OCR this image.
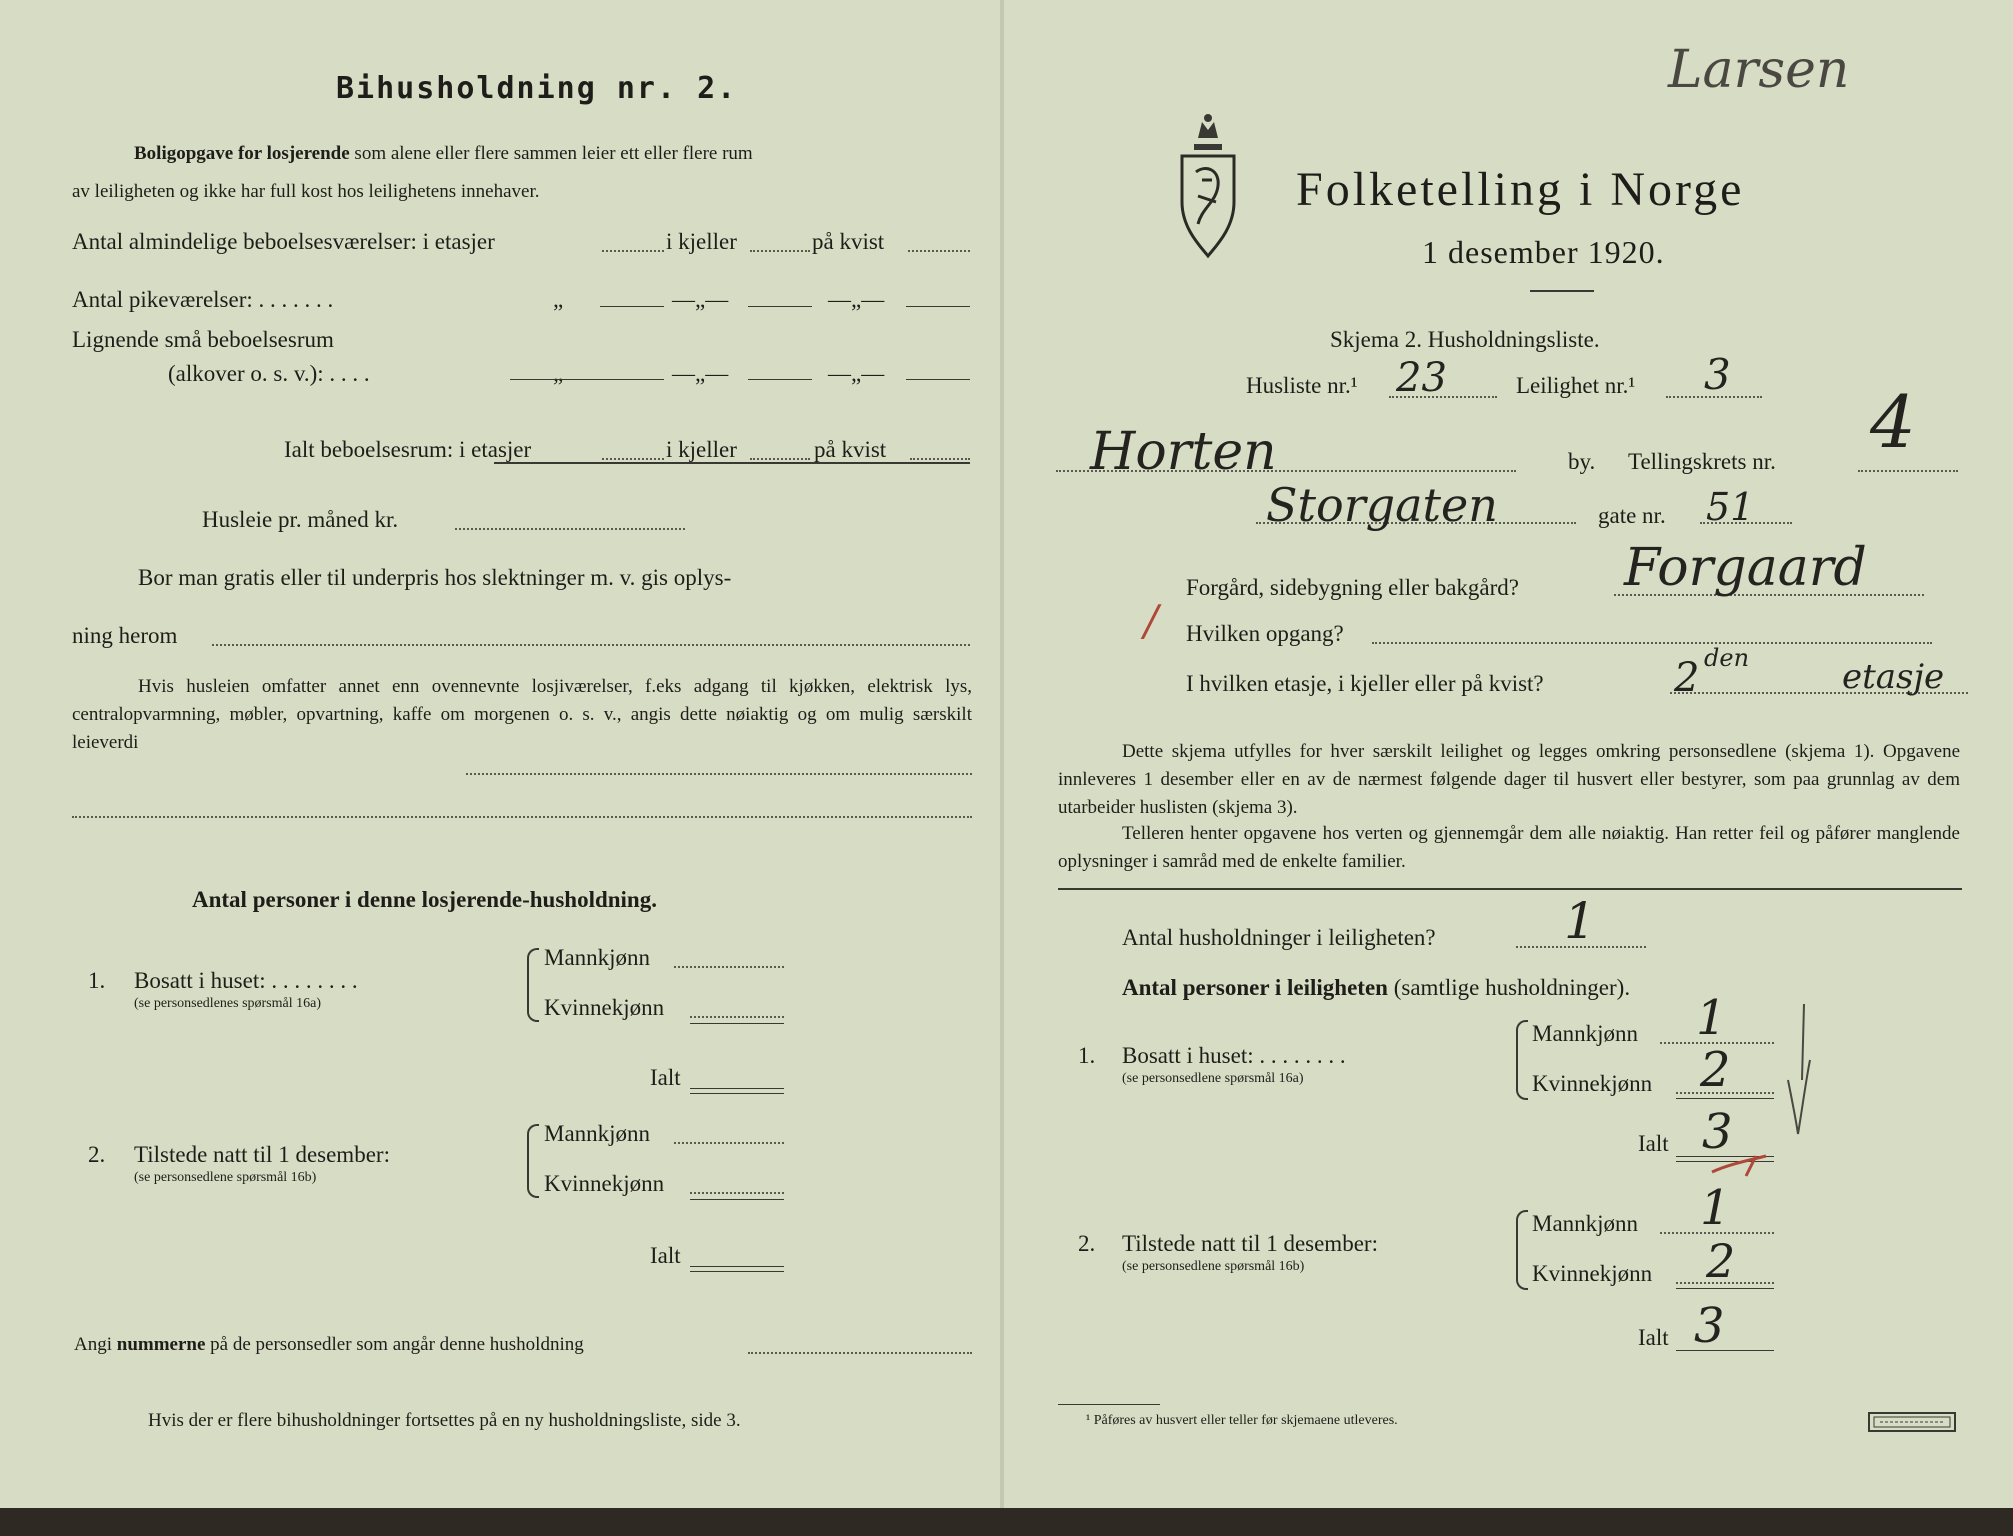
Bihusholdning nr. 2.
Boligopgave for losjerende som alene eller flere sammen leier ett eller flere rum
av leiligheten og ikke har full kost hos leilighetens innehaver.
Antal almindelige beboelsesværelser: i etasjer	i kjeller	på kvist
Antal pikeværelser: . . . . . . .	„	—„—	—„—
Lignende små beboelsesrum
(alkover o. s. v.): . . . .	„	—„—	—„—
Ialt beboelsesrum: i etasjer	i kjeller	på kvist
Husleie pr. måned kr.
Bor man gratis eller til underpris hos slektninger m. v. gis oplys-
ning herom
Hvis husleien omfatter annet enn ovennevnte losjiværelser, f.eks adgang til kjøkken, elektrisk lys, centralopvarmning, møbler, opvartning, kaffe om morgenen o. s. v., angis dette nøiaktig og om mulig særskilt leieverdi
Antal personer i denne losjerende-husholdning.
1. Bosatt i huset: . . . . . . . .
(se personsedlenes spørsmål 16a)
Mannkjønn
Kvinnekjønn
Ialt
2. Tilstede natt til 1 desember:
(se personsedlene spørsmål 16b)
Mannkjønn
Kvinnekjønn
Ialt
Angi nummerne på de personsedler som angår denne husholdning
Hvis der er flere bihusholdninger fortsettes på en ny husholdningsliste, side 3.
Larsen
Folketelling i Norge
1 desember 1920.
Skjema 2. Husholdningsliste.
Husliste nr.¹ 23	Leilighet nr.¹ 3
Horten	by. Tellingskrets nr. 4
Storgaten	gate nr. 51
Forgård, sidebygning eller bakgård? Forgaard
/ Hvilken opgang?
I hvilken etasje, i kjeller eller på kvist?	2 den	etasje
Dette skjema utfylles for hver særskilt leilighet og legges omkring personsedlene (skjema 1). Opgavene innleveres 1 desember eller en av de nærmest følgende dager til husvert eller bestyrer, som paa grunnlag av dem utarbeider huslisten (skjema 3).
Telleren henter opgavene hos verten og gjennemgår dem alle nøiaktig. Han retter feil og påfører manglende oplysninger i samråd med de enkelte familier.
Antal husholdninger i leiligheten?	1
Antal personer i leiligheten (samtlige husholdninger).
1. Bosatt i huset: . . . . . . . .
(se personsedlene spørsmål 16a)
Mannkjønn 1
Kvinnekjønn 2
Ialt 3
2. Tilstede natt til 1 desember:
(se personsedlene spørsmål 16b)
Mannkjønn 1
Kvinnekjønn 2
Ialt 3
¹ Påføres av husvert eller teller før skjemaene utleveres.
